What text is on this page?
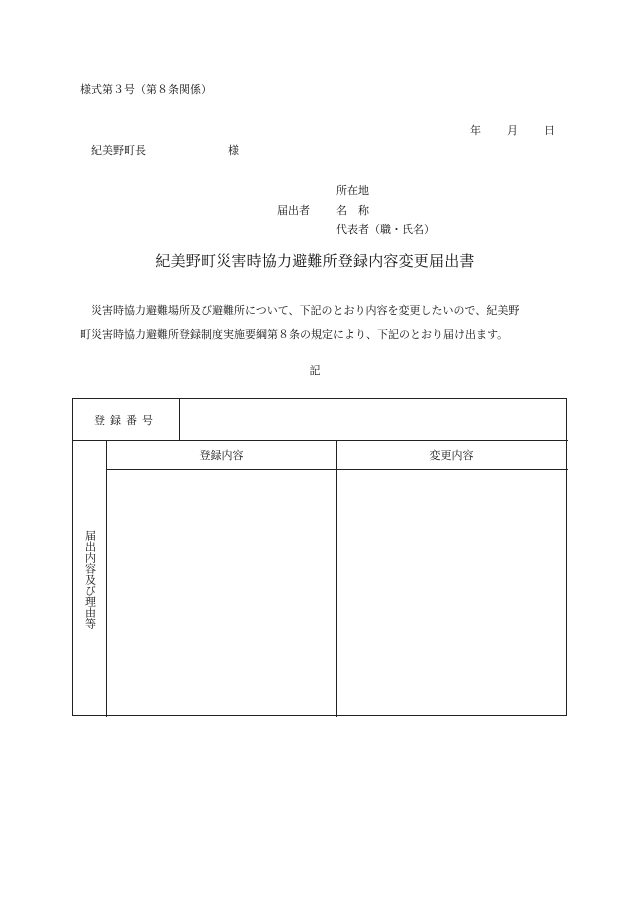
様式第３号（第８条関係）
年 月 日
紀美野町長	様
所在地
届出者 名　称
代表者（職・氏名）
紀美野町災害時協力避難所登録内容変更届出書
　災害時協力避難場所及び避難所について、下記のとおり内容を変更したいので、紀美野
町災害時協力避難所登録制度実施要綱第８条の規定により、下記のとおり届け出ます。
記
登録番号
登録内容	変更内容
届出内容及び理由等
